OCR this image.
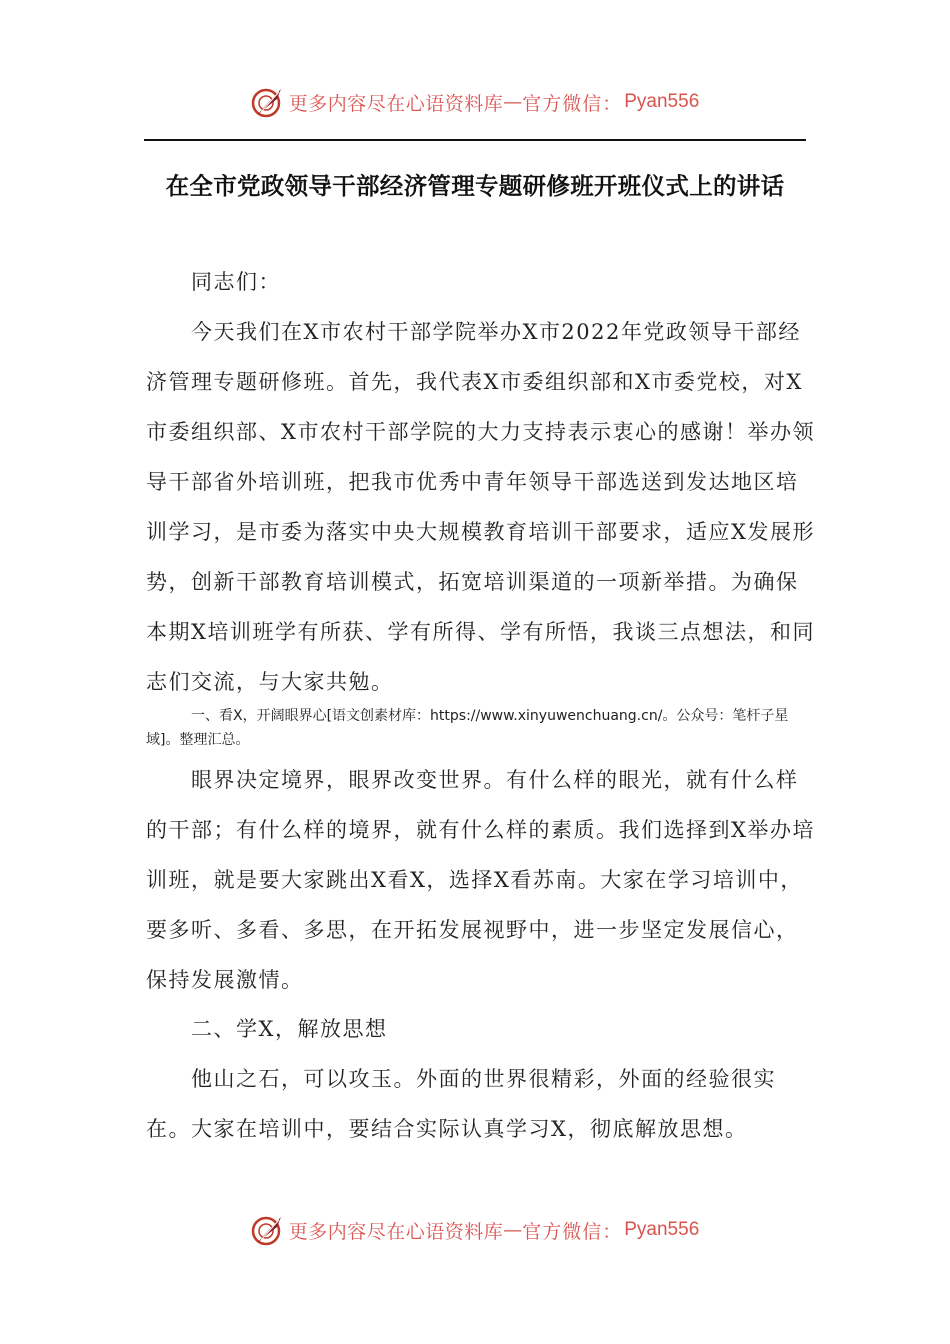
更多内容尽在心语资料库 — 官方微信： Pyan556
在全市党政领导干部经济管理专题研修班开班仪式上的讲话
同志们：
今天我们在X市农村干部学院举办X市2022年党政领导干部经济管理专题研修班。首先，我代表X市委组织部和X市委党校，对X市委组织部、X市农村干部学院的大力支持表示衷心的感谢！举办领导干部省外培训班，把我市优秀中青年领导干部选送到发达地区培训学习，是市委为落实中央大规模教育培训干部要求，适应X发展形势，创新干部教育培训模式，拓宽培训渠道的一项新举措。为确保本期X培训班学有所获、学有所得、学有所悟，我谈三点想法，和同志们交流，与大家共勉。
一、看X，开阔眼界心[语文创素材库：https://www.xinyuwenchuang.cn/。公众号：笔杆子星域]。整理汇总。
眼界决定境界，眼界改变世界。有什么样的眼光，就有什么样的干部；有什么样的境界，就有什么样的素质。我们选择到X举办培训班，就是要大家跳出X看X，选择X看苏南。大家在学习培训中，要多听、多看、多思，在开拓发展视野中，进一步坚定发展信心，保持发展激情。
二、学X，解放思想
他山之石，可以攻玉。外面的世界很精彩，外面的经验很实在。大家在培训中，要结合实际认真学习X，彻底解放思想。
更多内容尽在心语资料库 — 官方微信： Pyan556
